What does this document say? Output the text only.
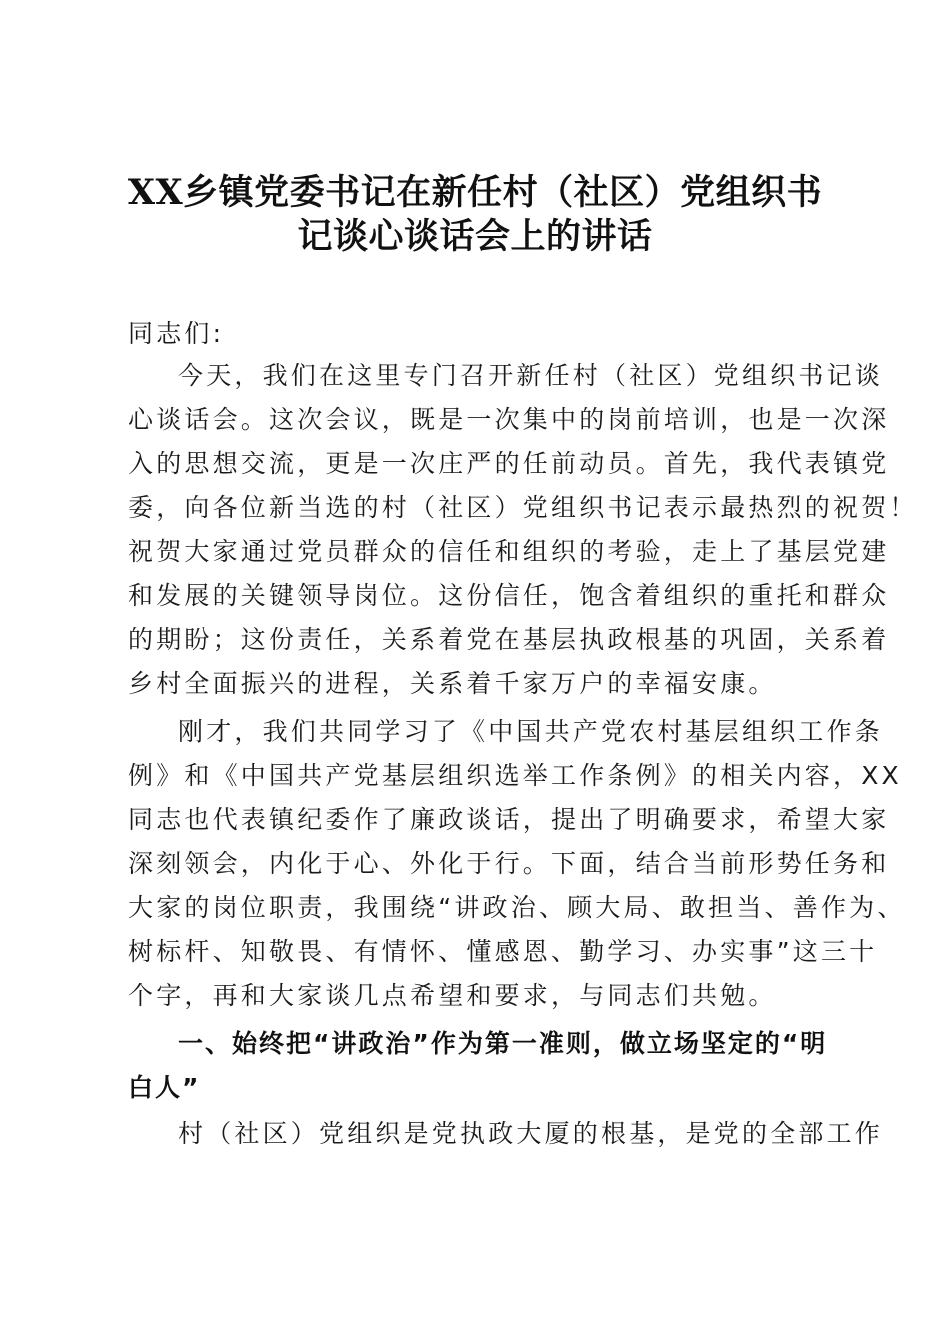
XX乡镇党委书记在新任村（社区）党组织书
记谈心谈话会上的讲话
同志们:
今天，我们在这里专门召开新任村（社区）党组织书记谈
心谈话会。这次会议，既是一次集中的岗前培训，也是一次深
入的思想交流，更是一次庄严的任前动员。首先，我代表镇党
委，向各位新当选的村（社区）党组织书记表示最热烈的祝贺！
祝贺大家通过党员群众的信任和组织的考验，走上了基层党建
和发展的关键领导岗位。这份信任，饱含着组织的重托和群众
的期盼；这份责任，关系着党在基层执政根基的巩固，关系着
乡村全面振兴的进程，关系着千家万户的幸福安康。
刚才，我们共同学习了《中国共产党农村基层组织工作条
例》和《中国共产党基层组织选举工作条例》的相关内容，XX
同志也代表镇纪委作了廉政谈话，提出了明确要求，希望大家
深刻领会，内化于心、外化于行。下面，结合当前形势任务和
大家的岗位职责，我围绕“讲政治、顾大局、敢担当、善作为、
树标杆、知敬畏、有情怀、懂感恩、勤学习、办实事”这三十
个字，再和大家谈几点希望和要求，与同志们共勉。
一、始终把“讲政治”作为第一准则，做立场坚定的“明
白人”
村（社区）党组织是党执政大厦的根基，是党的全部工作
